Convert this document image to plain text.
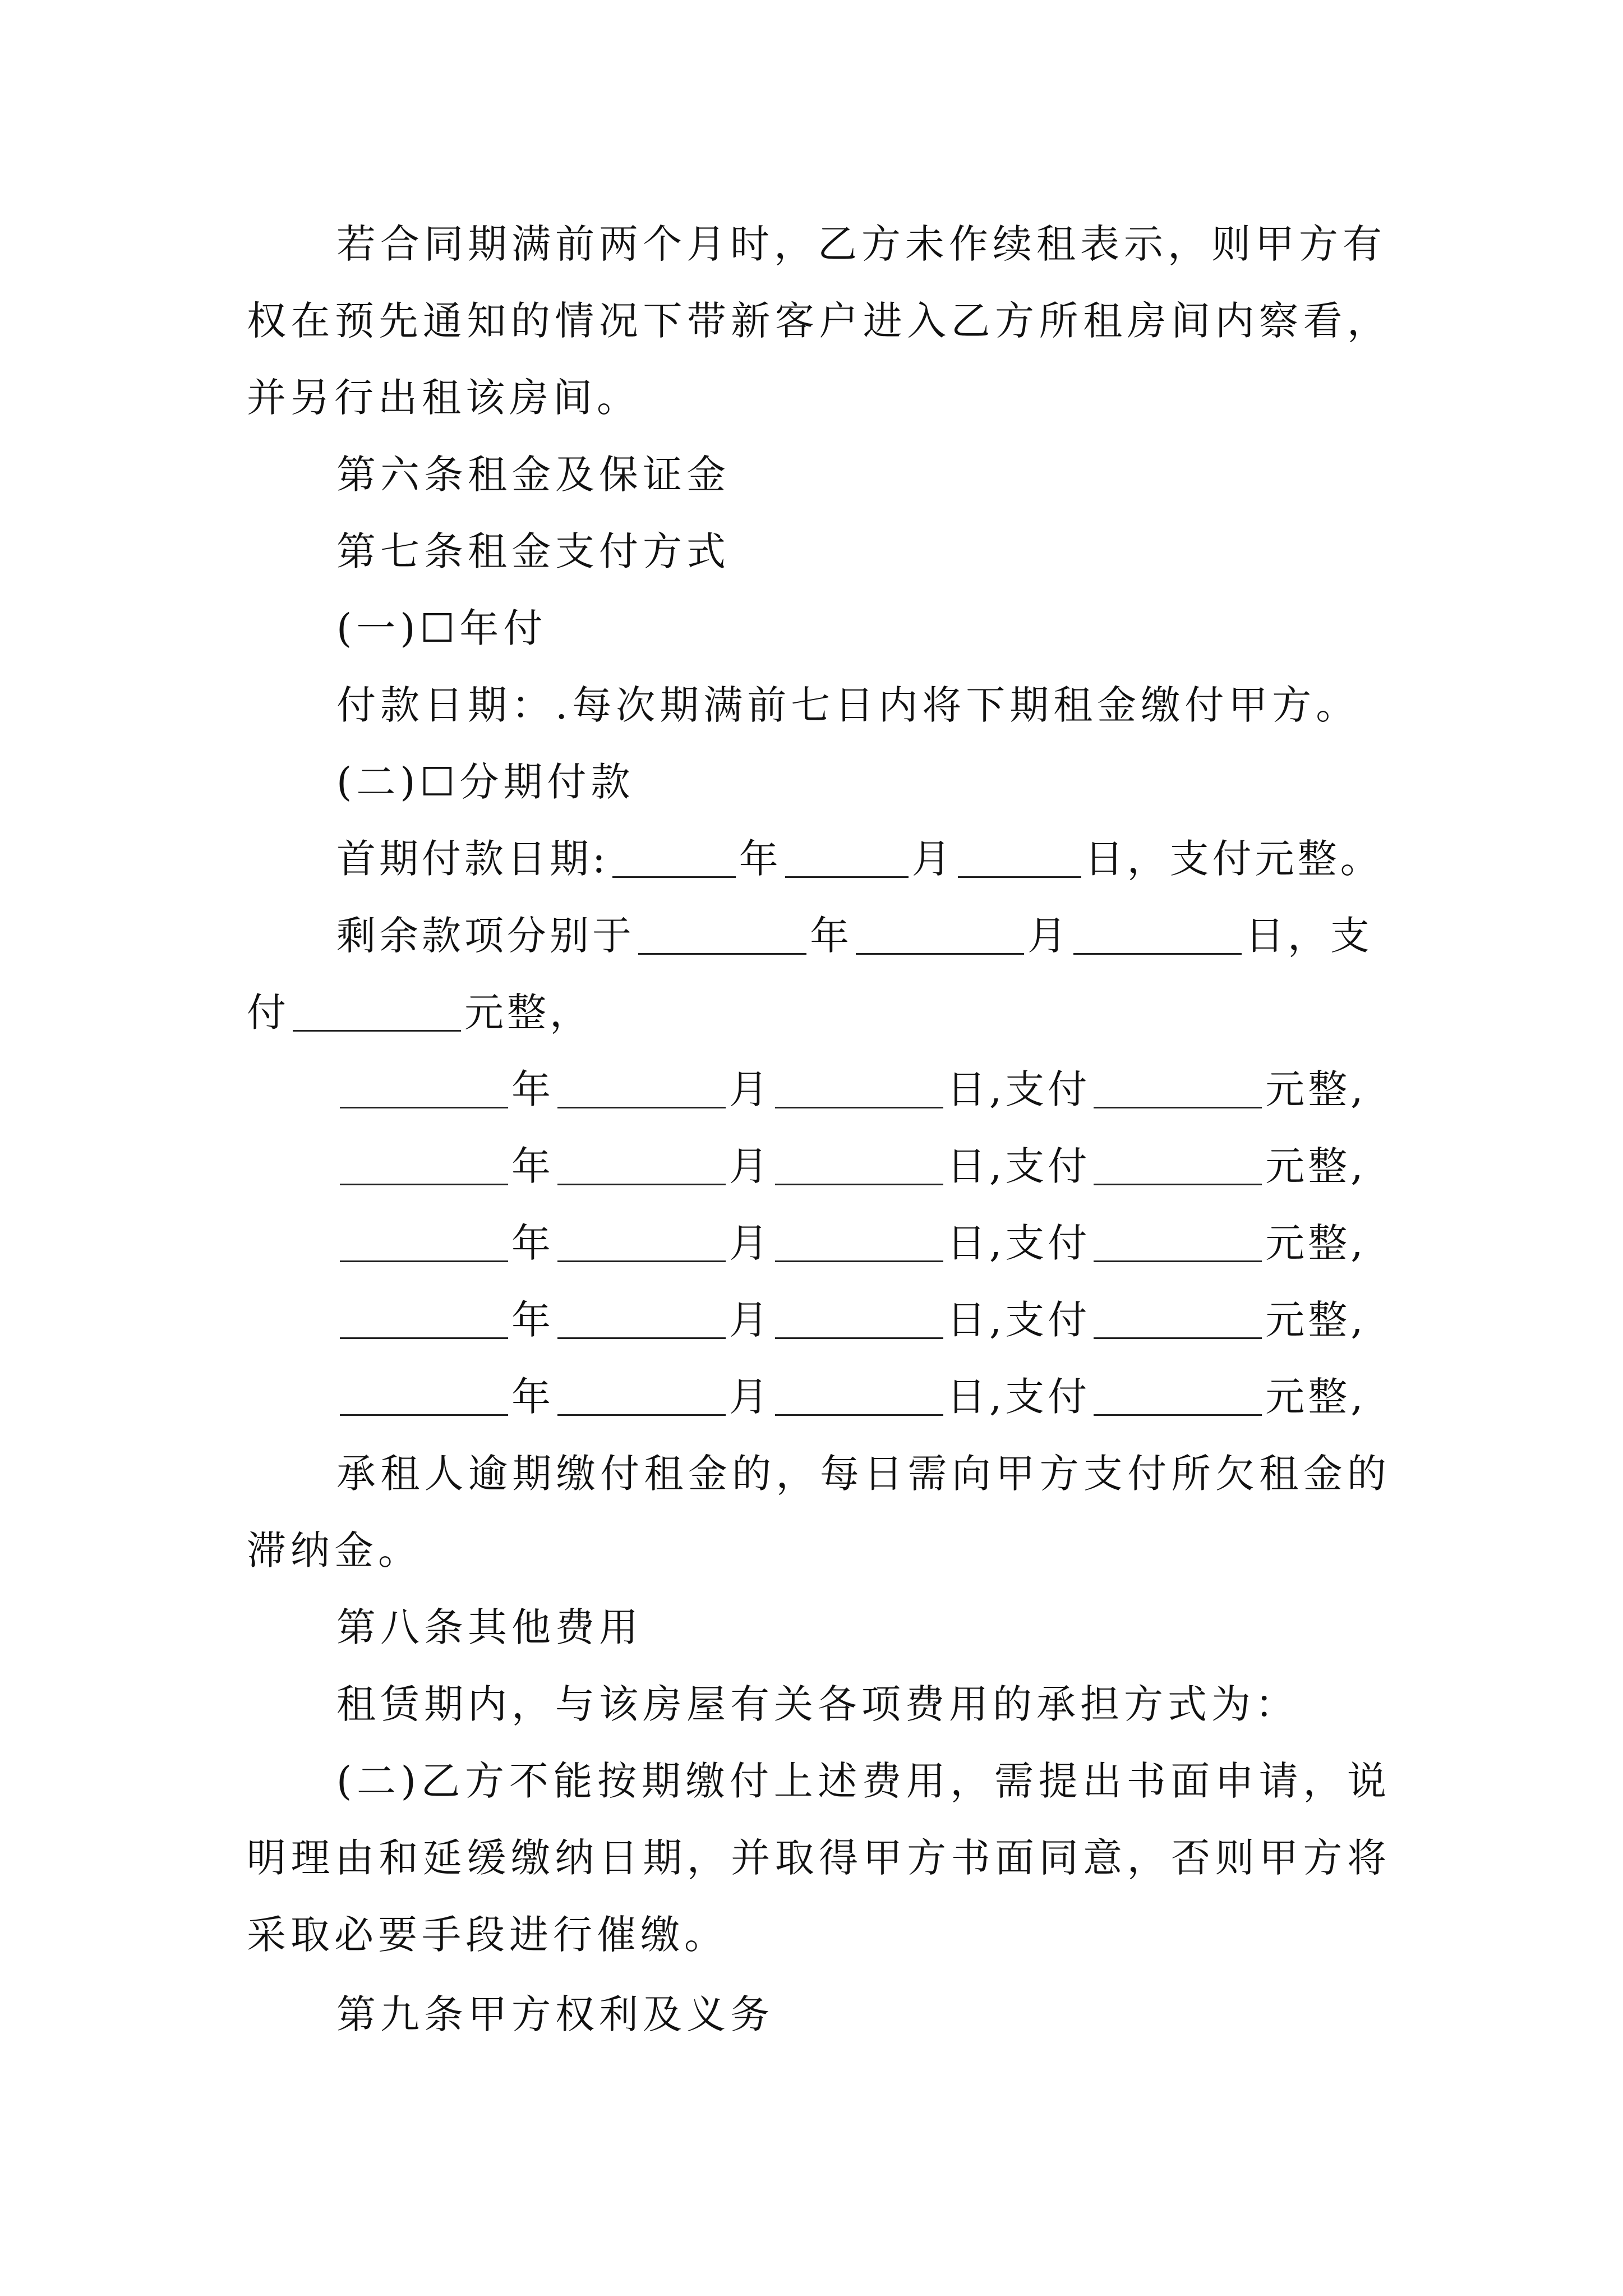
若合同期满前两个月时，乙方未作续租表示，则甲方有
权在预先通知的情况下带新客户进入乙方所租房间内察看，
并另行出租该房间。
第六条租金及保证金
第七条租金支付方式
(一)☐年付
付款日期：.每次期满前七日内将下期租金缴付甲方。
(二)☐分期付款
首期付款日期:	年	月	日，支付元整。
剩余款项分别于	年	月	日，支
付	元整，
年	月	日,支付	元整,
年	月	日,支付	元整,
年	月	日,支付	元整,
年	月	日,支付	元整,
年	月	日,支付	元整,
承租人逾期缴付租金的，每日需向甲方支付所欠租金的
滞纳金。
第八条其他费用
租赁期内，与该房屋有关各项费用的承担方式为：
(二)乙方不能按期缴付上述费用，需提出书面申请，说
明理由和延缓缴纳日期，并取得甲方书面同意，否则甲方将
采取必要手段进行催缴。
第九条甲方权利及义务
